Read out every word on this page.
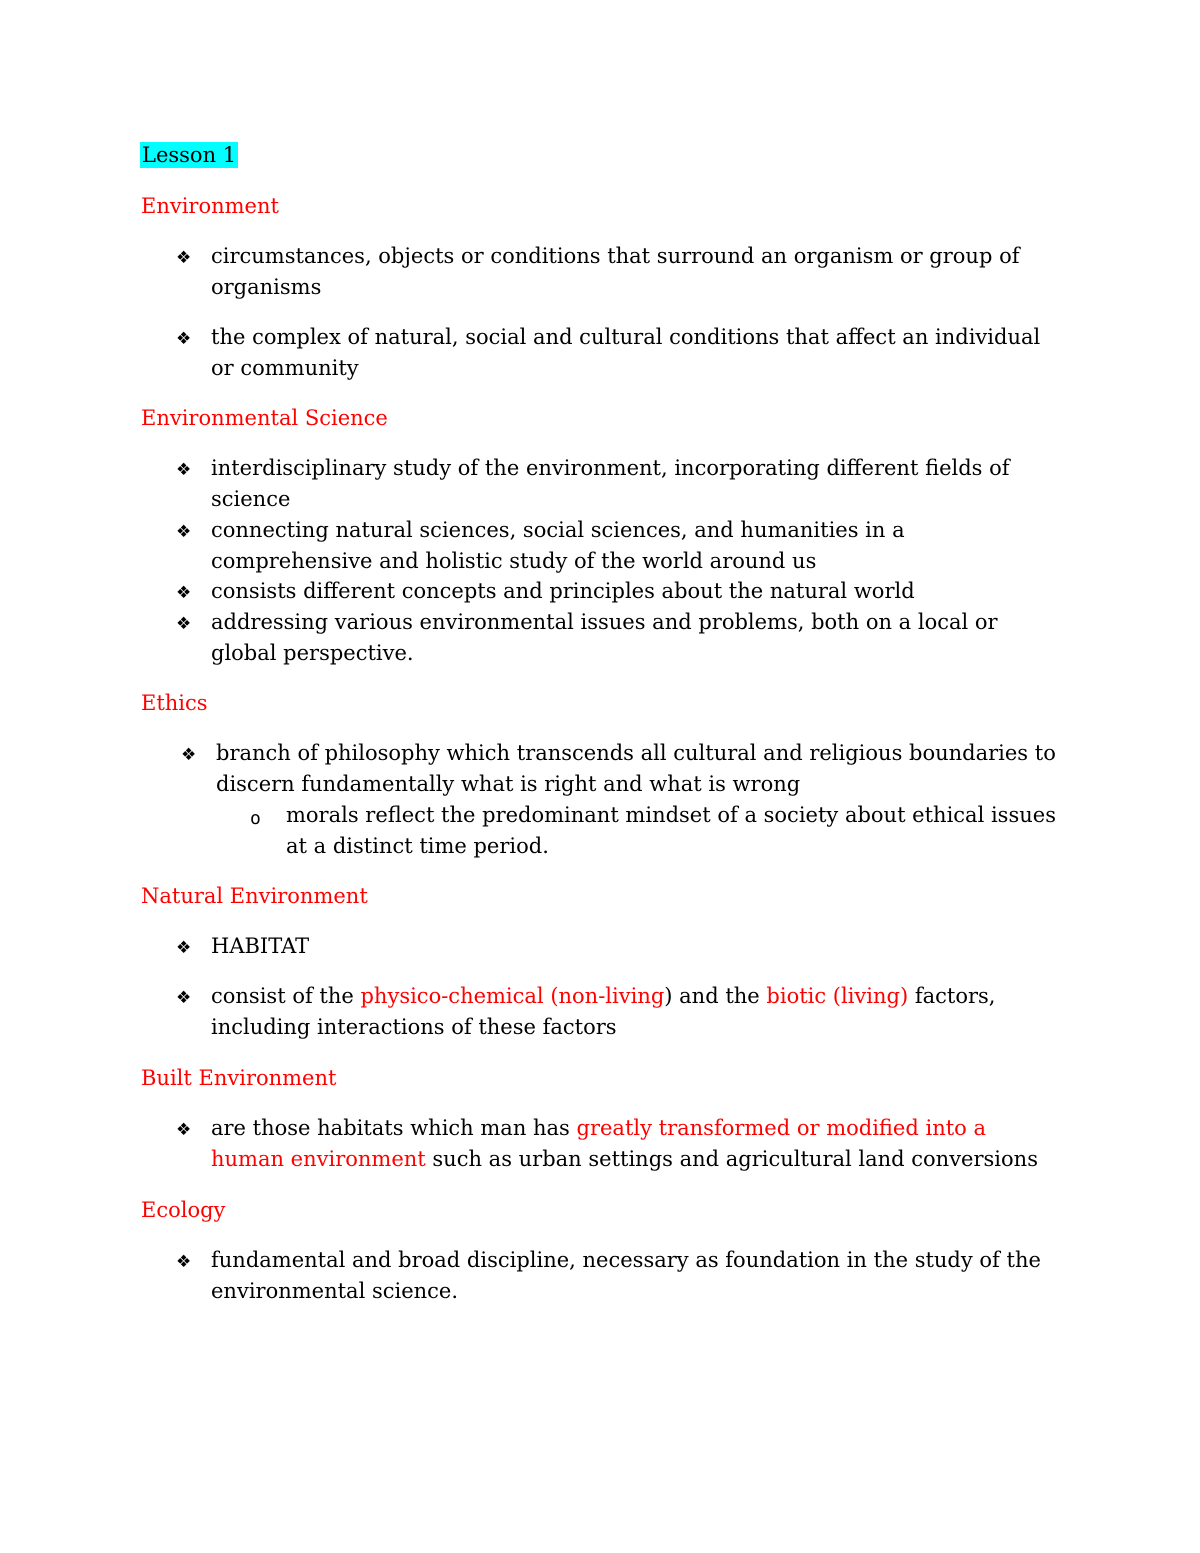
Lesson 1
Environment
❖ circumstances, objects or conditions that surround an organism or group of organisms

❖ the complex of natural, social and cultural conditions that affect an individual or community

Environmental Science
❖ interdisciplinary study of the environment, incorporating different fields of science

❖ connecting natural sciences, social sciences, and humanities in a comprehensive and holistic study of the world around us

❖ consists different concepts and principles about the natural world

❖ addressing various environmental issues and problems, both on a local or global perspective.

Ethics
❖ branch of philosophy which transcends all cultural and religious boundaries to discern fundamentally what is right and what is wrong

o morals reflect the predominant mindset of a society about ethical issues at a distinct time period.

Natural Environment
❖ HABITAT

❖ consist of the physico-chemical (non-living) and the biotic (living) factors, including interactions of these factors

Built Environment
❖ are those habitats which man has greatly transformed or modified into a human environment such as urban settings and agricultural land conversions

Ecology
❖ fundamental and broad discipline, necessary as foundation in the study of the environmental science.
